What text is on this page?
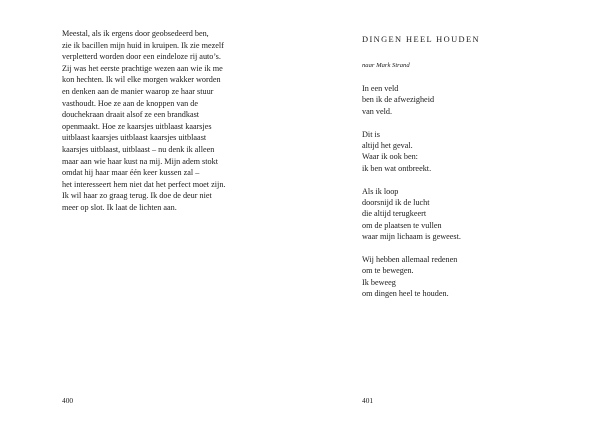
Meestal, als ik ergens door geobsedeerd ben,
zie ik bacillen mijn huid in kruipen. Ik zie mezelf
verpletterd worden door een eindeloze rij auto’s.
Zij was het eerste prachtige wezen aan wie ik me
kon hechten. Ik wil elke morgen wakker worden
en denken aan de manier waarop ze haar stuur
vasthoudt. Hoe ze aan de knoppen van de
douchekraan draait alsof ze een brandkast
openmaakt. Hoe ze kaarsjes uitblaast kaarsjes
uitblaast kaarsjes uitblaast kaarsjes uitblaast
kaarsjes uitblaast, uitblaast – nu denk ik alleen
maar aan wie haar kust na mij. Mijn adem stokt
omdat hij haar maar één keer kussen zal –
het interesseert hem niet dat het perfect moet zijn.
Ik wil haar zo graag terug. Ik doe de deur niet
meer op slot. Ik laat de lichten aan.
400
DINGEN HEEL HOUDEN
naar Mark Strand
In een veld
ben ik de afwezigheid
van veld.
Dit is
altijd het geval.
Waar ik ook ben:
ik ben wat ontbreekt.
Als ik loop
doorsnijd ik de lucht
die altijd terugkeert
om de plaatsen te vullen
waar mijn lichaam is geweest.
Wij hebben allemaal redenen
om te bewegen.
Ik beweeg
om dingen heel te houden.
401
